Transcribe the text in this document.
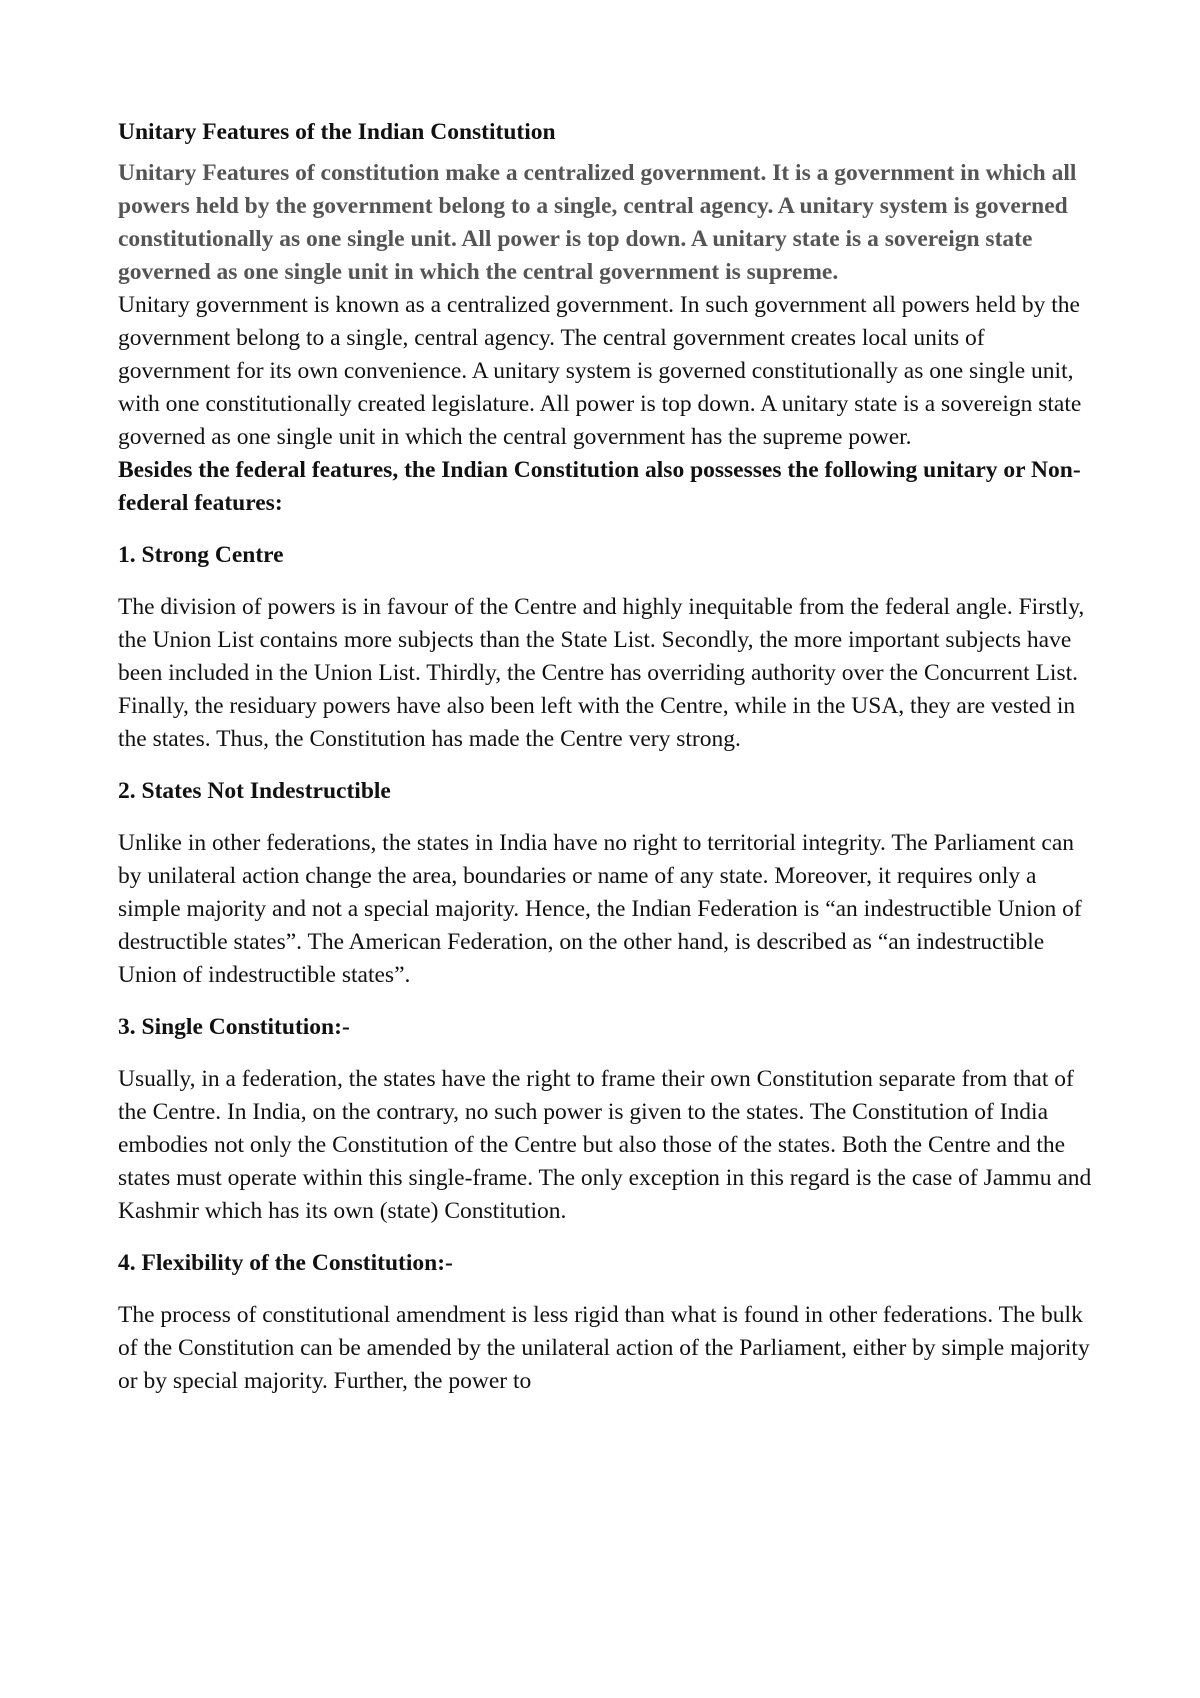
Unitary Features of the Indian Constitution

Unitary Features of constitution make a centralized government. It is a government in which all powers held by the government belong to a single, central agency. A unitary system is governed constitutionally as one single unit. All power is top down. A unitary state is a sovereign state governed as one single unit in which the central government is supreme.

Unitary government is known as a centralized government. In such government all powers held by the government belong to a single, central agency. The central government creates local units of government for its own convenience. A unitary system is governed constitutionally as one single unit, with one constitutionally created legislature. All power is top down. A unitary state is a sovereign state governed as one single unit in which the central government has the supreme power.

Besides the federal features, the Indian Constitution also possesses the following unitary or Non-federal features:

1. Strong Centre

The division of powers is in favour of the Centre and highly inequitable from the federal angle. Firstly, the Union List contains more subjects than the State List. Secondly, the more important subjects have been included in the Union List. Thirdly, the Centre has overriding authority over the Concurrent List. Finally, the residuary powers have also been left with the Centre, while in the USA, they are vested in the states. Thus, the Constitution has made the Centre very strong.

2. States Not Indestructible

Unlike in other federations, the states in India have no right to territorial integrity. The Parliament can by unilateral action change the area, boundaries or name of any state. Moreover, it requires only a simple majority and not a special majority. Hence, the Indian Federation is “an indestructible Union of destructible states”. The American Federation, on the other hand, is described as “an indestructible Union of indestructible states”.

3. Single Constitution:-

Usually, in a federation, the states have the right to frame their own Constitution separate from that of the Centre. In India, on the contrary, no such power is given to the states. The Constitution of India embodies not only the Constitution of the Centre but also those of the states. Both the Centre and the states must operate within this single-frame. The only exception in this regard is the case of Jammu and Kashmir which has its own (state) Constitution.

4. Flexibility of the Constitution:-

The process of constitutional amendment is less rigid than what is found in other federations. The bulk of the Constitution can be amended by the unilateral action of the Parliament, either by simple majority or by special majority. Further, the power to
